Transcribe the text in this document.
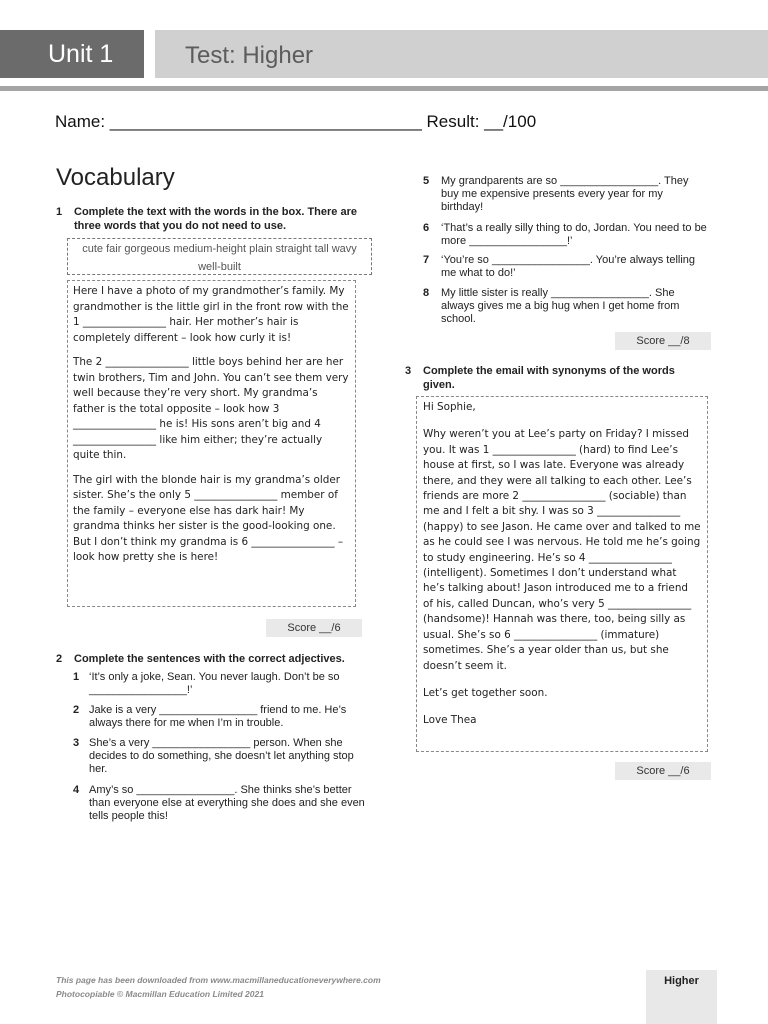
Unit 1	Test: Higher
Name: _________________________________ Result: __/100
Vocabulary
1 Complete the text with the words in the box. There are three words that you do not need to use.
cute fair gorgeous medium-height plain straight tall wavy well-built

Here I have a photo of my grandmother’s family. My grandmother is the little girl in the front row with the 1 ________________ hair. Her mother’s hair is completely different – look how curly it is!

The 2 ________________ little boys behind her are her twin brothers, Tim and John. You can’t see them very well because they’re very short. My grandma’s father is the total opposite – look how 3 ________________ he is! His sons aren’t big and 4 ________________ like him either; they’re actually quite thin.

The girl with the blonde hair is my grandma’s older sister. She’s the only 5 ________________ member of the family – everyone else has dark hair! My grandma thinks her sister is the good-looking one. But I don’t think my grandma is 6 ________________ – look how pretty she is here!

Score __/6
2 Complete the sentences with the correct adjectives.
1 ‘It’s only a joke, Sean. You never laugh. Don’t be so ________________!’
2 Jake is a very ________________ friend to me. He’s always there for me when I’m in trouble.
3 She’s a very ________________ person. When she decides to do something, she doesn’t let anything stop her.
4 Amy’s so ________________. She thinks she’s better than everyone else at everything she does and she even tells people this!
5 My grandparents are so ________________. They buy me expensive presents every year for my birthday!
6 ‘That’s a really silly thing to do, Jordan. You need to be more ________________!’
7 ‘You’re so ________________. You’re always telling me what to do!’
8 My little sister is really ________________. She always gives me a big hug when I get home from school.
Score __/8
3 Complete the email with synonyms of the words given.

Hi Sophie,

Why weren’t you at Lee’s party on Friday? I missed you. It was 1 ________________ (hard) to find Lee’s house at first, so I was late. Everyone was already there, and they were all talking to each other. Lee’s friends are more 2 ________________ (sociable) than me and I felt a bit shy. I was so 3 ________________ (happy) to see Jason. He came over and talked to me as he could see I was nervous. He told me he’s going to study engineering. He’s so 4 ________________ (intelligent). Sometimes I don’t understand what he’s talking about! Jason introduced me to a friend of his, called Duncan, who’s very 5 ________________ (handsome)! Hannah was there, too, being silly as usual. She’s so 6 ________________ (immature) sometimes. She’s a year older than us, but she doesn’t seem it.

Let’s get together soon.

Love Thea

Score __/6
This page has been downloaded from www.macmillaneducationeverywhere.com
Photocopiable © Macmillan Education Limited 2021
Higher
